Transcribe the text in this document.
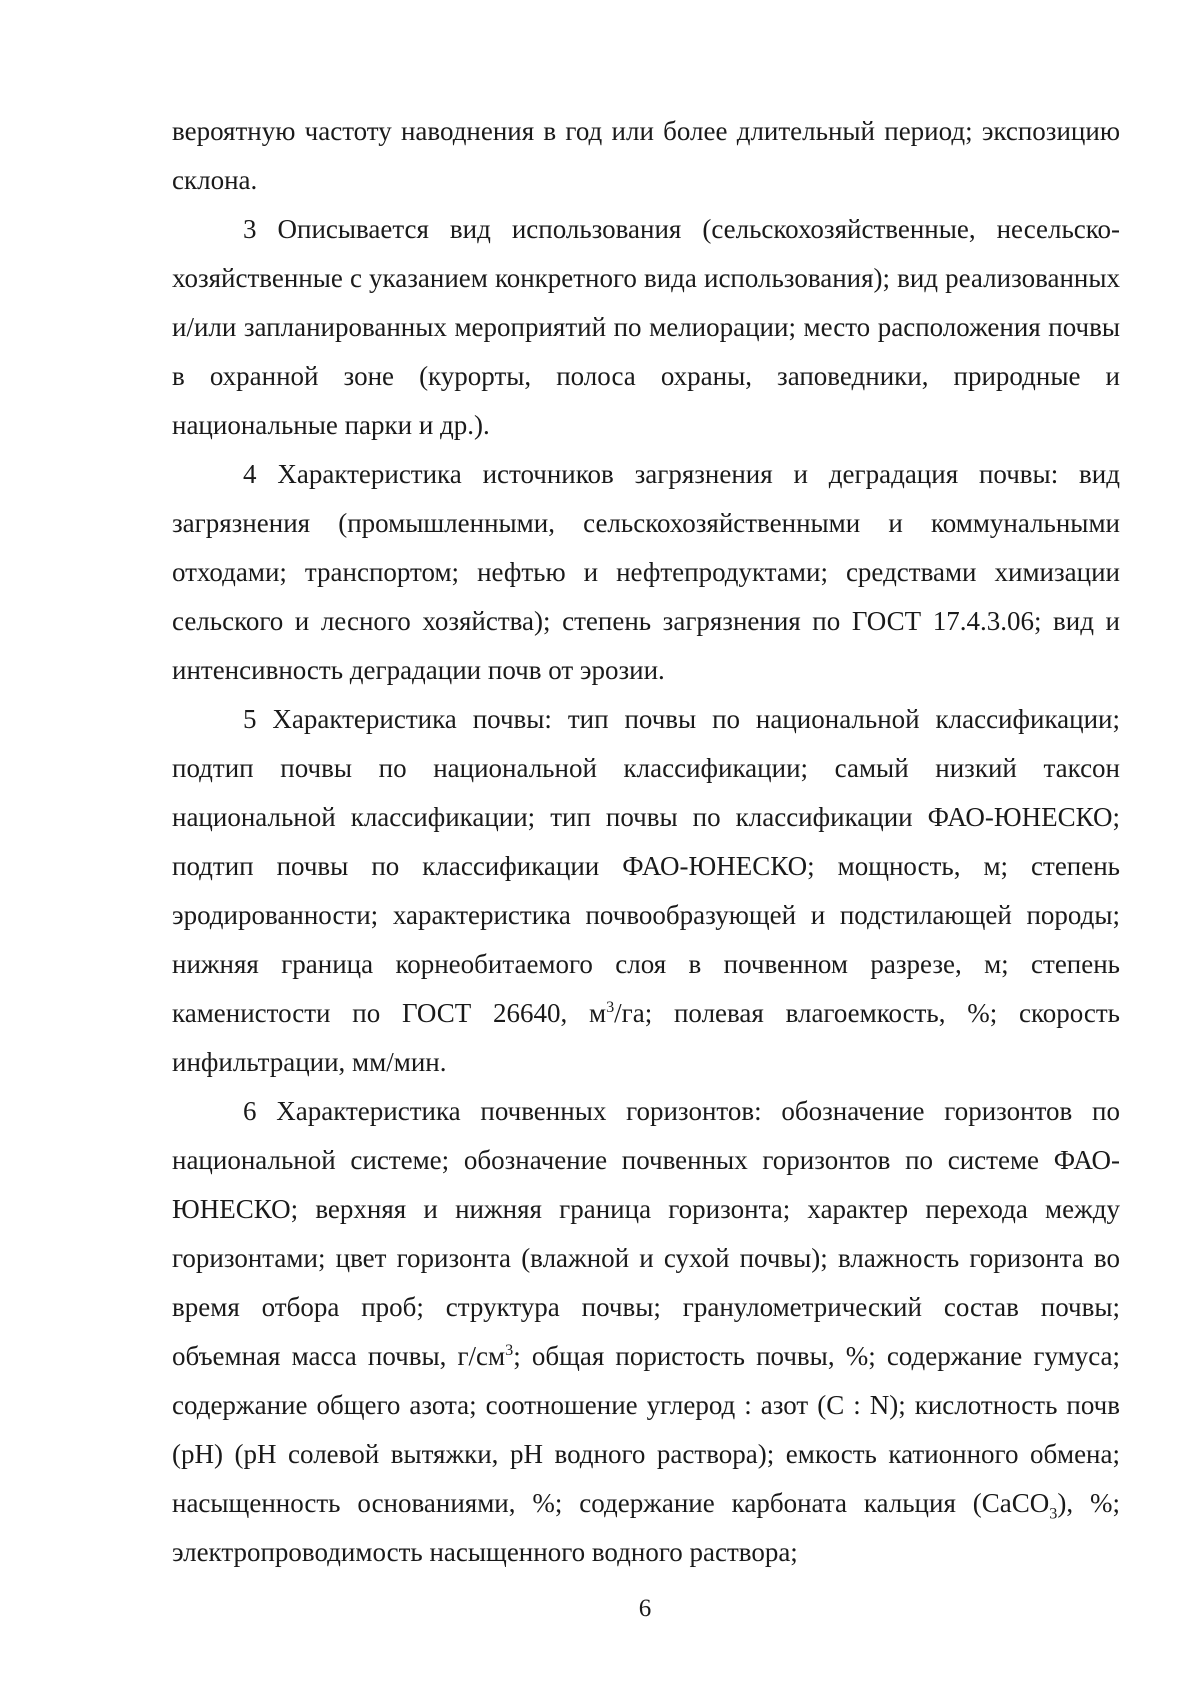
вероятную частоту наводнения в год или более длительный период; экспозицию склона.

3 Описывается вид использования (сельскохозяйственные, несельско-хозяйственные с указанием конкретного вида использования); вид реализованных и/или запланированных мероприятий по мелиорации; место расположения почвы в охранной зоне (курорты, полоса охраны, заповедники, природные и национальные парки и др.).

4 Характеристика источников загрязнения и деградация почвы: вид загрязнения (промышленными, сельскохозяйственными и коммунальными отходами; транспортом; нефтью и нефтепродуктами; средствами химизации сельского и лесного хозяйства); степень загрязнения по ГОСТ 17.4.3.06; вид и интенсивность деградации почв от эрозии.

5 Характеристика почвы: тип почвы по национальной классификации; подтип почвы по национальной классификации; самый низкий таксон национальной классификации; тип почвы по классификации ФАО-ЮНЕСКО; подтип почвы по классификации ФАО-ЮНЕСКО; мощность, м; степень эродированности; характеристика почвообразующей и подстилающей породы; нижняя граница корнеобитаемого слоя в почвенном разрезе, м; степень каменистости по ГОСТ 26640, $м^3/га$; полевая влагоемкость, %; скорость инфильтрации, мм/мин.

6 Характеристика почвенных горизонтов: обозначение горизонтов по национальной системе; обозначение почвенных горизонтов по системе ФАО-ЮНЕСКО; верхняя и нижняя граница горизонта; характер перехода между горизонтами; цвет горизонта (влажной и сухой почвы); влажность горизонта во время отбора проб; структура почвы; гранулометрический состав почвы; объемная масса почвы, $г/см^3$; общая пористость почвы, %; содержание гумуса; содержание общего азота; соотношение углерод : азот (C : N); кислотность почв (pH) (pH солевой вытяжки, pH водного раствора); емкость катионного обмена; насыщенность основаниями, %; содержание карбоната кальция (CaCO$_3$), %; электропроводимость насыщенного водного раствора;

6
